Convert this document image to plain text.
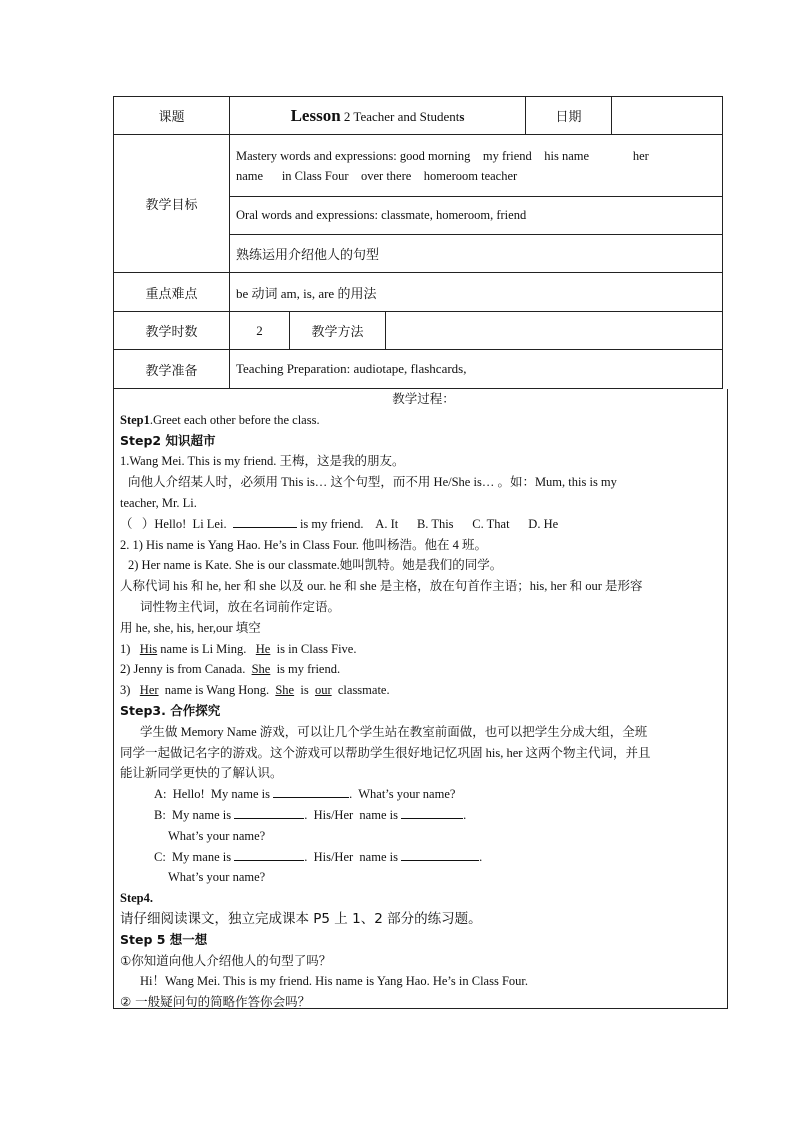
课题	Lesson 2 Teacher and Students			日期	
教学目标	Mastery words and expressions: good morning    my friend    his name              her
name      in Class Four    over there    homeroom teacher				

	Oral words and expressions: classmate, homeroom, friend				
	熟练运用介绍他人的句型				
重点难点	be 动词 am, is, are 的用法				
教学时数	2	教学方法			
教学准备	Teaching Preparation: audiotape, flashcards,				

教学过程：

Step1.Greet each other before the class.

Step2 知识超市

1.Wang Mei. This is my friend. 王梅，这是我的朋友。

向他人介绍某人时，必须用 This is… 这个句型，而不用 He/She is… 。如：Mum, this is my

teacher, Mr. Li.

（   ）Hello!  Li Lei.	is my friend.    A. It      B. This      C. That      D. He

2. 1) His name is Yang Hao. He’s in Class Four. 他叫杨浩。他在 4 班。

2) Her name is Kate. She is our classmate.她叫凯特。她是我们的同学。

人称代词 his 和 he, her 和 she 以及 our. he 和 she 是主格，放在句首作主语；his, her 和 our 是形容

词性物主代词，放在名词前作定语。

用 he, she, his, her,our 填空

1)   His name is Li Ming.   He  is in Class Five.

2) Jenny is from Canada.  She  is my friend.

3)   Her  name is Wang Hong.  She  is  our  classmate.

Step3. 合作探究

学生做 Memory Name 游戏，可以让几个学生站在教室前面做，也可以把学生分成大组，全班

同学一起做记名字的游戏。这个游戏可以帮助学生很好地记忆巩固 his, her 这两个物主代词，并且

能让新同学更快的了解认识。

A:  Hello!  My name is	.  What’s your name?

B:  My name is	.  His/Her  name is	.

What’s your name?

C:  My mane is	.  His/Her  name is	.

What’s your name?

Step4.

请仔细阅读课文，独立完成课本 P5 上 1、2 部分的练习题。

Step 5 想一想

①你知道向他人介绍他人的句型了吗？

Hi！Wang Mei. This is my friend. His name is Yang Hao. He’s in Class Four.

② 一般疑问句的简略作答你会吗？
